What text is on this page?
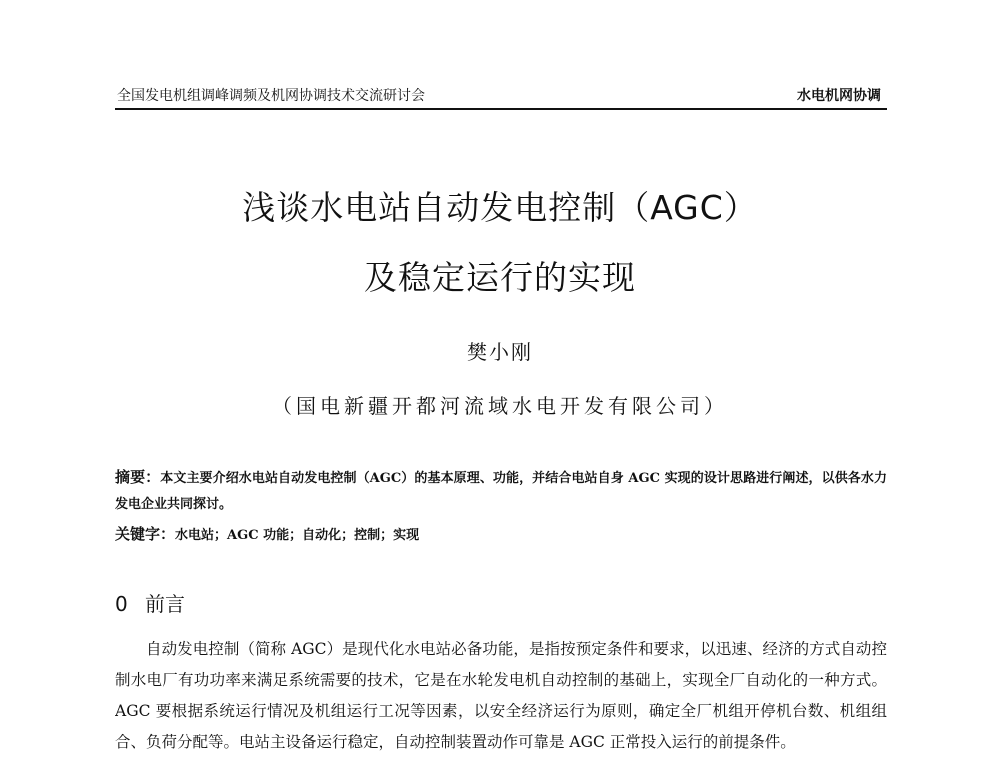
全国发电机组调峰调频及机网协调技术交流研讨会	水电机网协调
浅谈水电站自动发电控制（AGC）
及稳定运行的实现
樊小刚
（国电新疆开都河流域水电开发有限公司）
摘要：本文主要介绍水电站自动发电控制（AGC）的基本原理、功能，并结合电站自身 AGC 实现的设计思路进行阐述，以供各水力发电企业共同探讨。
关键字：水电站；AGC 功能；自动化；控制；实现
0 前言
自动发电控制（简称 AGC）是现代化水电站必备功能，是指按预定条件和要求，以迅速、经济的方式自动控制水电厂有功功率来满足系统需要的技术，它是在水轮发电机自动控制的基础上，实现全厂自动化的一种方式。AGC 要根据系统运行情况及机组运行工况等因素，以安全经济运行为原则，确定全厂机组开停机台数、机组组合、负荷分配等。电站主设备运行稳定，自动控制装置动作可靠是 AGC 正常投入运行的前提条件。
